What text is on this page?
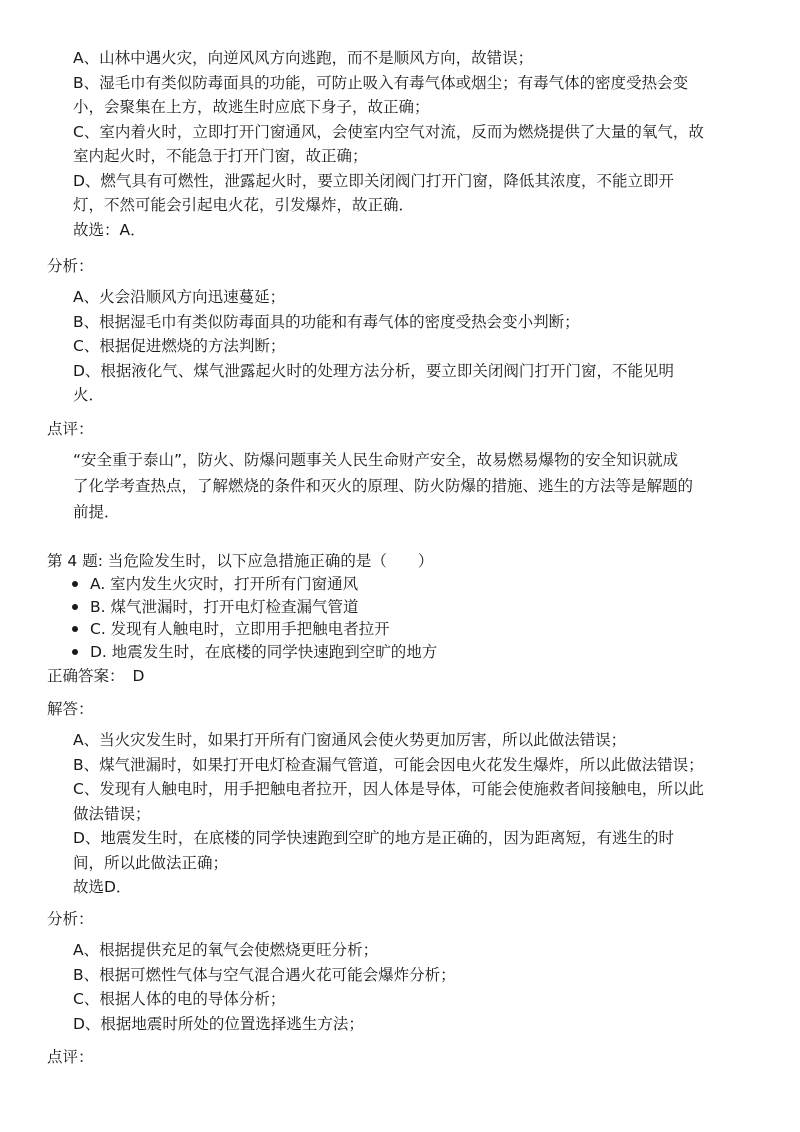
A、山林中遇火灾，向逆风风方向逃跑，而不是顺风方向，故错误；
B、湿毛巾有类似防毒面具的功能，可防止吸入有毒气体或烟尘；有毒气体的密度受热会变
小，会聚集在上方，故逃生时应底下身子，故正确；
C、室内着火时，立即打开门窗通风，会使室内空气对流，反而为燃烧提供了大量的氧气，故
室内起火时，不能急于打开门窗，故正确；
D、燃气具有可燃性，泄露起火时，要立即关闭阀门打开门窗，降低其浓度，不能立即开
灯，不然可能会引起电火花，引发爆炸，故正确．
故选：A．
分析：
A、火会沿顺风方向迅速蔓延；
B、根据湿毛巾有类似防毒面具的功能和有毒气体的密度受热会变小判断；
C、根据促进燃烧的方法判断；
D、根据液化气、煤气泄露起火时的处理方法分析，要立即关闭阀门打开门窗，不能见明
火．
点评：
“安全重于泰山”，防火、防爆问题事关人民生命财产安全，故易燃易爆物的安全知识就成
了化学考查热点，了解燃烧的条件和灭火的原理、防火防爆的措施、逃生的方法等是解题的
前提．
第 4 题: 当危险发生时，以下应急措施正确的是（　　）
A. 室内发生火灾时，打开所有门窗通风
B. 煤气泄漏时，打开电灯检查漏气管道
C. 发现有人触电时，立即用手把触电者拉开
D. 地震发生时，在底楼的同学快速跑到空旷的地方
正确答案： D
解答：
A、当火灾发生时，如果打开所有门窗通风会使火势更加厉害，所以此做法错误；
B、煤气泄漏时，如果打开电灯检查漏气管道，可能会因电火花发生爆炸，所以此做法错误；
C、发现有人触电时，用手把触电者拉开，因人体是导体，可能会使施救者间接触电，所以此
做法错误；
D、地震发生时，在底楼的同学快速跑到空旷的地方是正确的，因为距离短，有逃生的时
间，所以此做法正确；
故选D．
分析：
A、根据提供充足的氧气会使燃烧更旺分析；
B、根据可燃性气体与空气混合遇火花可能会爆炸分析；
C、根据人体的电的导体分析；
D、根据地震时所处的位置选择逃生方法；
点评：
